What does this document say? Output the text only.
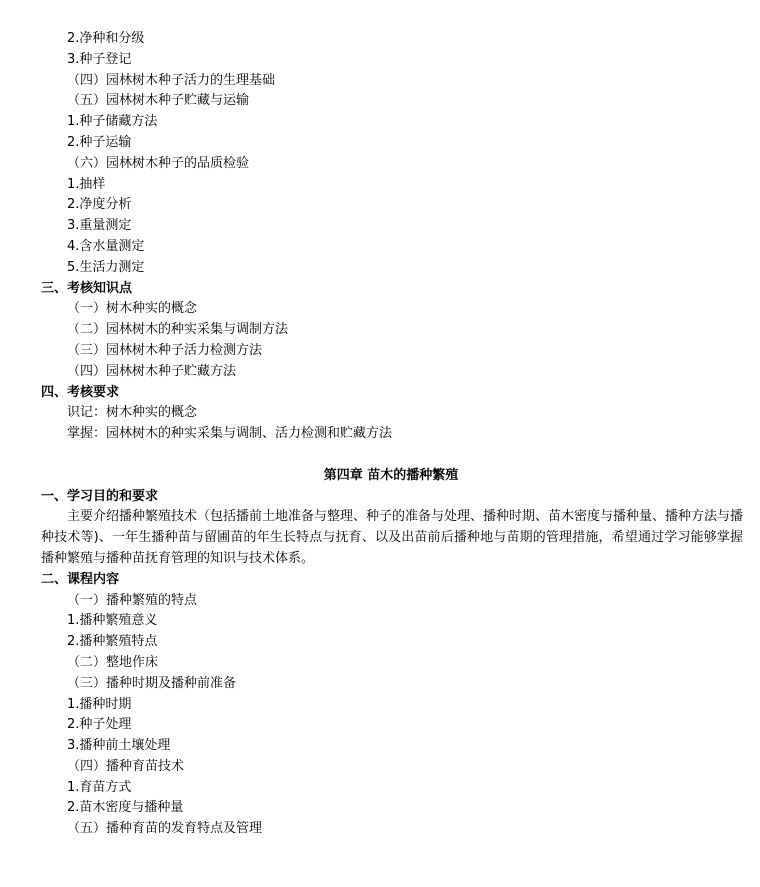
2.净种和分级
3.种子登记
（四）园林树木种子活力的生理基础
（五）园林树木种子贮藏与运输
1.种子储藏方法
2.种子运输
（六）园林树木种子的品质检验
1.抽样
2.净度分析
3.重量测定
4.含水量测定
5.生活力测定
三、考核知识点
（一）树木种实的概念
（二）园林树木的种实采集与调制方法
（三）园林树木种子活力检测方法
（四）园林树木种子贮藏方法
四、考核要求
识记：树木种实的概念
掌握：园林树木的种实采集与调制、活力检测和贮藏方法
第四章 苗木的播种繁殖
一、学习目的和要求
主要介绍播种繁殖技术（包括播前土地准备与整理、种子的准备与处理、播种时期、苗木密度与播种量、播种方法与播种技术等)、一年生播种苗与留圃苗的年生长特点与抚育、以及出苗前后播种地与苗期的管理措施，希望通过学习能够掌握播种繁殖与播种苗抚育管理的知识与技术体系。
二、课程内容
（一）播种繁殖的特点
1.播种繁殖意义
2.播种繁殖特点
（二）整地作床
（三）播种时期及播种前准备
1.播种时期
2.种子处理
3.播种前土壤处理
（四）播种育苗技术
1.育苗方式
2.苗木密度与播种量
（五）播种育苗的发育特点及管理
